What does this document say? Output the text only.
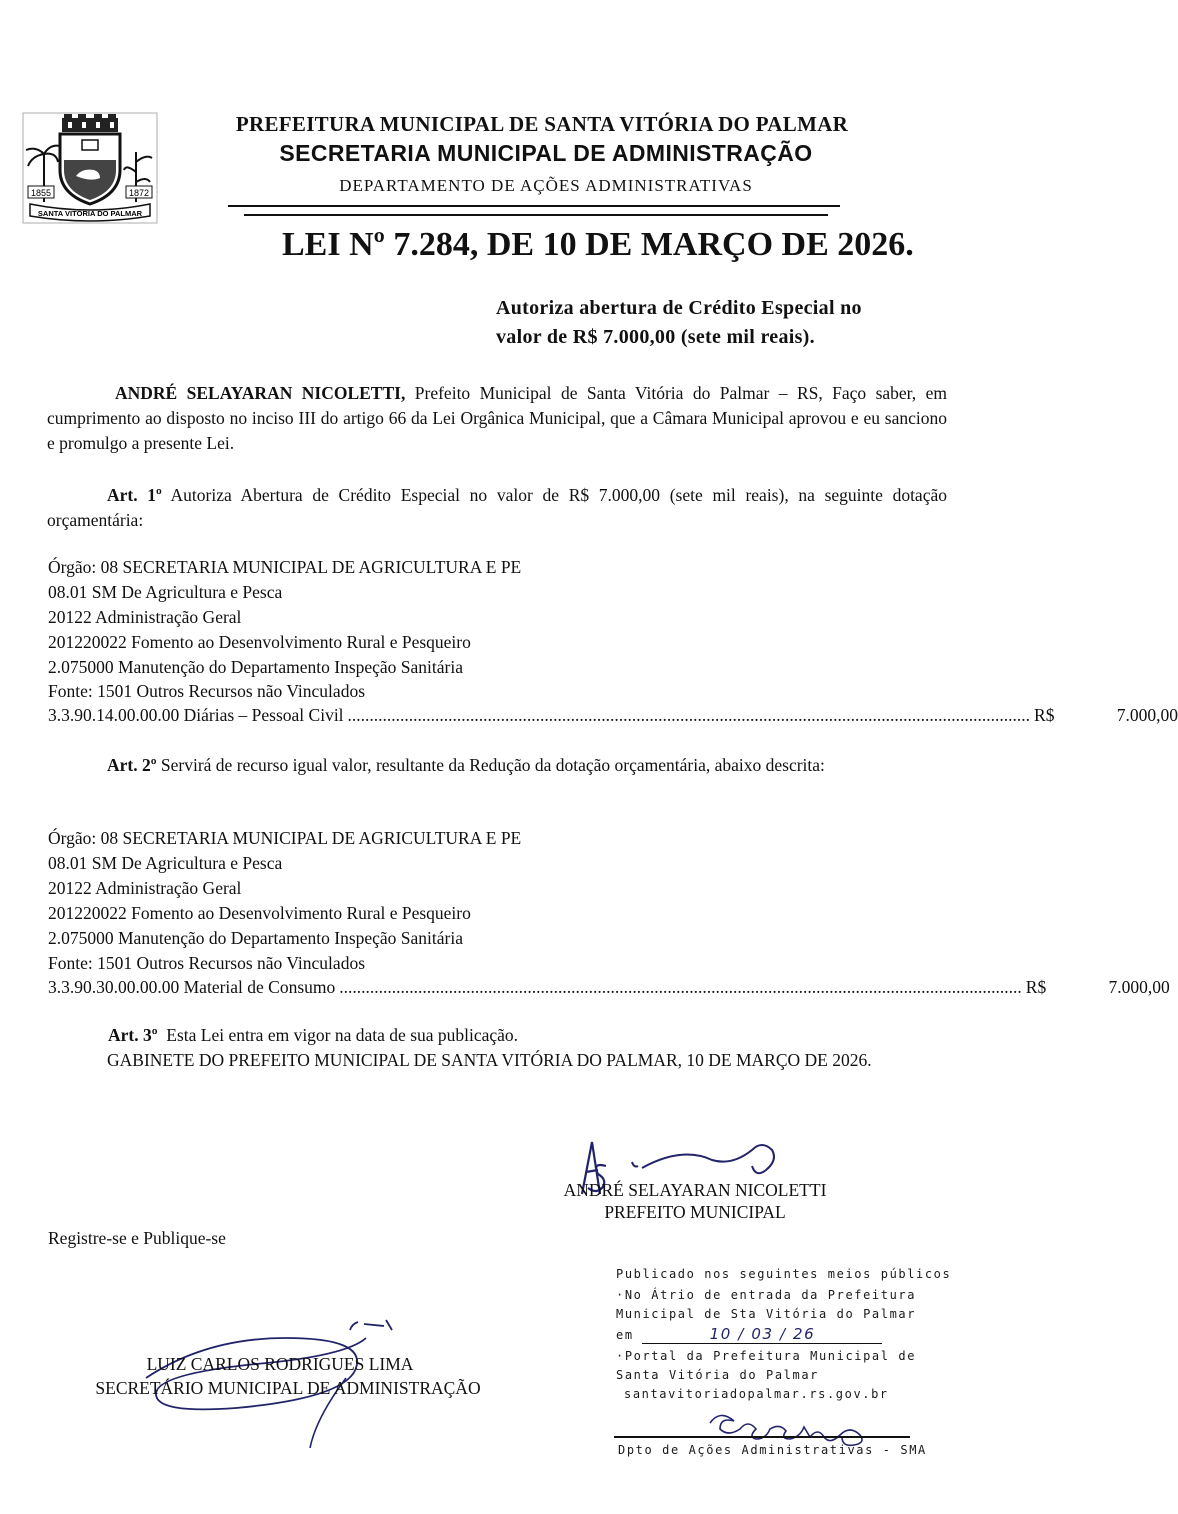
1855	1872
SANTA VITÓRIA DO PALMAR
PREFEITURA MUNICIPAL DE SANTA VITÓRIA DO PALMAR
SECRETARIA MUNICIPAL DE ADMINISTRAÇÃO
DEPARTAMENTO DE AÇÕES ADMINISTRATIVAS
LEI Nº 7.284, DE 10 DE MARÇO DE 2026.
Autoriza abertura de Crédito Especial no
valor de R$ 7.000,00 (sete mil reais).
ANDRÉ SELAYARAN NICOLETTI, Prefeito Municipal de Santa Vitória do Palmar – RS, Faço saber, em cumprimento ao disposto no inciso III do artigo 66 da Lei Orgânica Municipal, que a Câmara Municipal aprovou e eu sanciono e promulgo a presente Lei.
Art. 1º Autoriza Abertura de Crédito Especial no valor de R$ 7.000,00 (sete mil reais), na seguinte dotação orçamentária:
Órgão: 08 SECRETARIA MUNICIPAL DE AGRICULTURA E PE
08.01 SM De Agricultura e Pesca
20122 Administração Geral
201220022 Fomento ao Desenvolvimento Rural e Pesqueiro
2.075000 Manutenção do Departamento Inspeção Sanitária
Fonte: 1501 Outros Recursos não Vinculados
3.3.90.14.00.00.00 Diárias – Pessoal Civil ............................................................................................................................................................ R$	7.000,00
Art. 2º Servirá de recurso igual valor, resultante da Redução da dotação orçamentária, abaixo descrita:
Órgão: 08 SECRETARIA MUNICIPAL DE AGRICULTURA E PE
08.01 SM De Agricultura e Pesca
20122 Administração Geral
201220022 Fomento ao Desenvolvimento Rural e Pesqueiro
2.075000 Manutenção do Departamento Inspeção Sanitária
Fonte: 1501 Outros Recursos não Vinculados
3.3.90.30.00.00.00 Material de Consumo ............................................................................................................................................................ R$	7.000,00
Art. 3º Esta Lei entra em vigor na data de sua publicação.
GABINETE DO PREFEITO MUNICIPAL DE SANTA VITÓRIA DO PALMAR, 10 DE MARÇO DE 2026.
ANDRÉ SELAYARAN NICOLETTI
PREFEITO MUNICIPAL
Registre-se e Publique-se
LUIZ CARLOS RODRIGUES LIMA
SECRETÁRIO MUNICIPAL DE ADMINISTRAÇÃO
Publicado nos seguintes meios públicos
·No Átrio de entrada da Prefeitura
Municipal de Sta Vitória do Palmar
em	10 / 03 / 26
·Portal da Prefeitura Municipal de
Santa Vitória do Palmar
santavitoriadopalmar.rs.gov.br
Dpto de Ações Administrativas - SMA
